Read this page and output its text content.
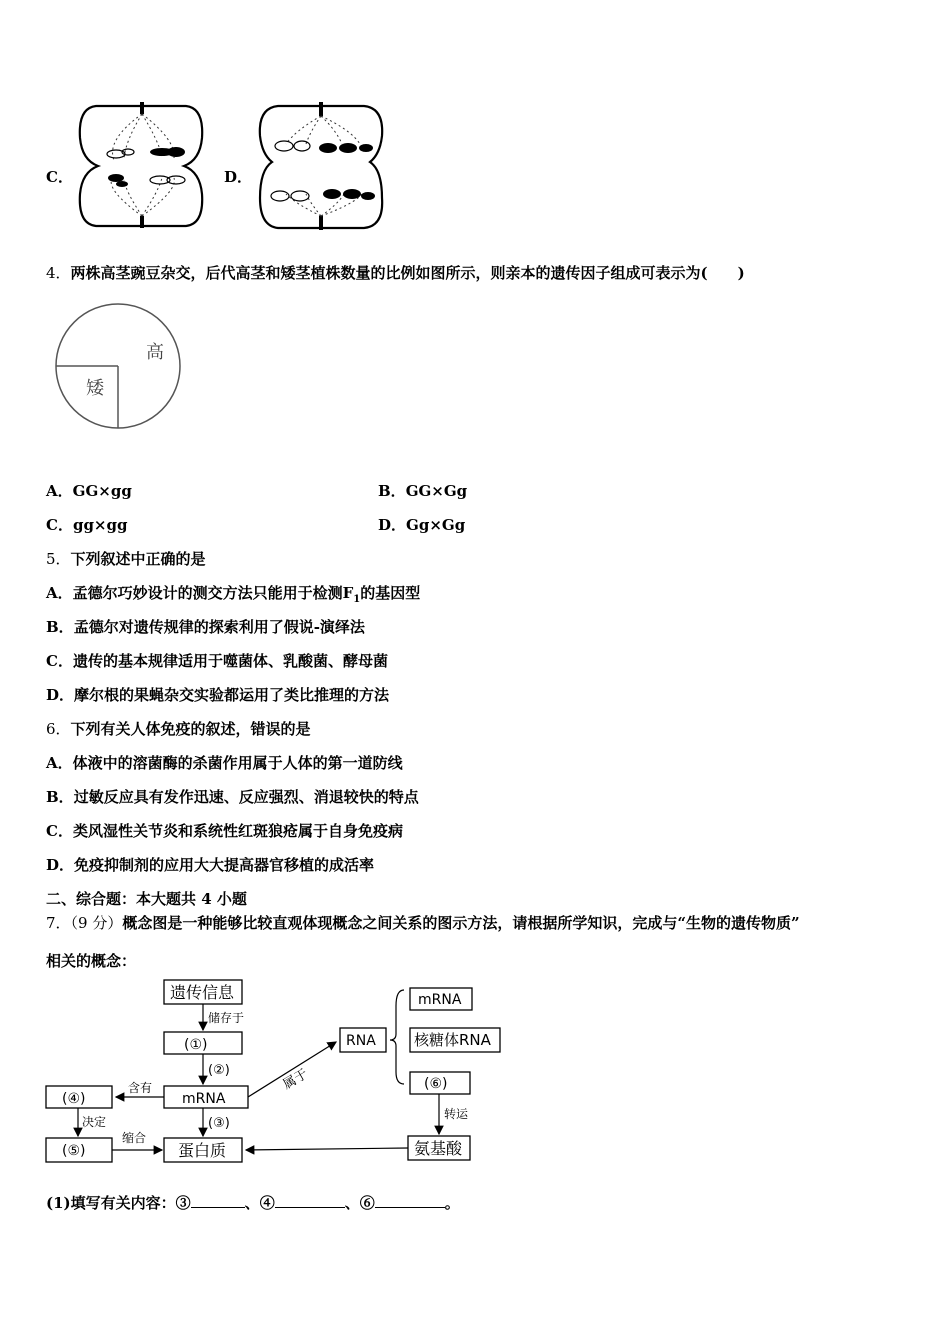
C．	D．
4．两株高茎豌豆杂交，后代高茎和矮茎植株数量的比例如图所示，则亲本的遗传因子组成可表示为(　　)
高
矮
A．GG×gg	B．GG×Gg
C．gg×gg	D．Gg×Gg
5．下列叙述中正确的是
A．孟德尔巧妙设计的测交方法只能用于检测$F_1$的基因型
B．孟德尔对遗传规律的探索利用了假说-演绎法
C．遗传的基本规律适用于噬菌体、乳酸菌、酵母菌
D．摩尔根的果蝇杂交实验都运用了类比推理的方法
6．下列有关人体免疫的叙述，错误的是
A．体液中的溶菌酶的杀菌作用属于人体的第一道防线
B．过敏反应具有发作迅速、反应强烈、消退较快的特点
C．类风湿性关节炎和系统性红斑狼疮属于自身免疫病
D．免疫抑制剂的应用大大提高器官移植的成活率
二、综合题：本大题共 4 小题
7．（9 分）概念图是一种能够比较直观体现概念之间关系的图示方法，请根据所学知识，完成与“生物的遗传物质”
相关的概念：
遗传信息
储存于
(①)
(②)
mRNA
(③)
蛋白质
(④)
含有
决定
(⑤)
缩合
属于
RNA
mRNA
核糖体RNA
(⑥)
转运
氨基酸
(1)填写有关内容：③	、④	、⑥	。
